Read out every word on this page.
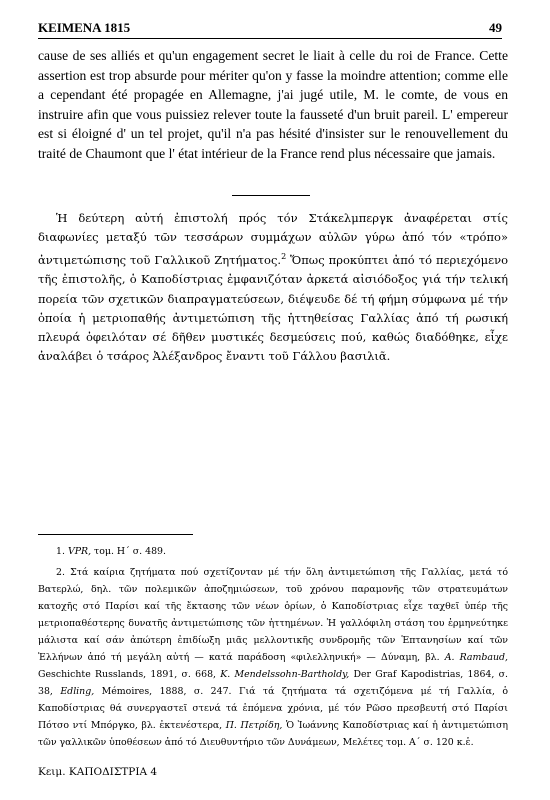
ΚΕΙΜΕΝΑ 1815	49

cause de ses alliés et qu'un engagement secret le liait à celle du roi de France. Cette assertion est trop absurde pour mériter qu'on y fasse la moindre attention; comme elle a cependant été propagée en Allemagne, j'ai jugé utile, M. le comte, de vous en instruire afin que vous puissiez relever toute la fausseté d'un bruit pareil. L' empereur est si éloigné d' un tel projet, qu'il n'a pas hésité d'insister sur le renouvellement du traité de Chaumont que l' état intérieur de la France rend plus nécessaire que jamais.

Ἡ δεύτερη αὐτή ἐπιστολή πρός τόν Στάκελμπεργκ ἀναφέρεται στίς διαφωνίες μεταξύ τῶν τεσσάρων συμμάχων αὐλῶν γύρω ἀπό τόν «τρόπο» ἀντιμετώπισης τοῦ Γαλλικοῦ Ζητήματος.$^2$ Ὅπως προκύπτει ἀπό τό περιεχόμενο τῆς ἐπιστολῆς, ὁ Καποδίστριας ἐμφανιζόταν ἀρκετά αἰσιόδοξος γιά τήν τελική πορεία τῶν σχετικῶν διαπραγματεύσεων, διέψευδε δέ τή φήμη σύμφωνα μέ τήν ὁποία ἡ μετριοπαθής ἀντιμετώπιση τῆς ἡττηθείσας Γαλλίας ἀπό τή ρωσική πλευρά ὀφειλόταν σέ δῆθεν μυστικές δεσμεύσεις πού, καθώς διαδόθηκε, εἶχε ἀναλάβει ὁ τσάρος Ἀλέξανδρος ἔναντι τοῦ Γάλλου βασιλιᾶ.

1. VPR, τομ. Η΄ σ. 489.

2. Στά καίρια ζητήματα πού σχετίζονταν μέ τήν ὅλη ἀντιμετώπιση τῆς Γαλλίας, μετά τό Βατερλώ, δηλ. τῶν πολεμικῶν ἀποζημιώσεων, τοῦ χρόνου παραμονῆς τῶν στρατευμάτων κατοχῆς στό Παρίσι καί τῆς ἔκτασης τῶν νέων ὁρίων, ὁ Καποδίστριας εἶχε ταχθεῖ ὑπέρ τῆς μετριοπαθέστερης δυνατῆς ἀντιμετώπισης τῶν ἡττημένων. Ἡ γαλλόφιλη στάση του ἑρμηνεύτηκε μάλιστα καί σάν ἀπώτερη ἐπιδίωξη μιᾶς μελλοντικῆς συνδρομῆς τῶν Ἑπτανησίων καί τῶν Ἑλλήνων ἀπό τή μεγάλη αὐτή — κατά παράδοση «φιλελληνική» — Δύναμη, βλ. A. Rambaud, Geschichte Russlands, 1891, σ. 668, K. Mendelssohn-Bartholdy, Der Graf Kapodistrias, 1864, σ. 38, Edling, Mémoires, 1888, σ. 247. Γιά τά ζητήματα τά σχετιζόμενα μέ τή Γαλλία, ὁ Καποδίστριας θά συνεργαστεῖ στενά τά ἑπόμενα χρόνια, μέ τόν Ρῶσο πρεσβευτή στό Παρίσι Πότσο ντί Μπόργκο, βλ. ἐκτενέστερα, Π. Πετρίδη, Ὁ Ἰωάννης Καποδίστριας καί ἡ ἀντιμετώπιση τῶν γαλλικῶν ὑποθέσεων ἀπό τό Διευθυντήριο τῶν Δυνάμεων, Μελέτες τομ. Α΄ σ. 120 κ.ἑ.

Κειμ. ΚΑΠΟΔΙΣΤΡΙΑ 4
